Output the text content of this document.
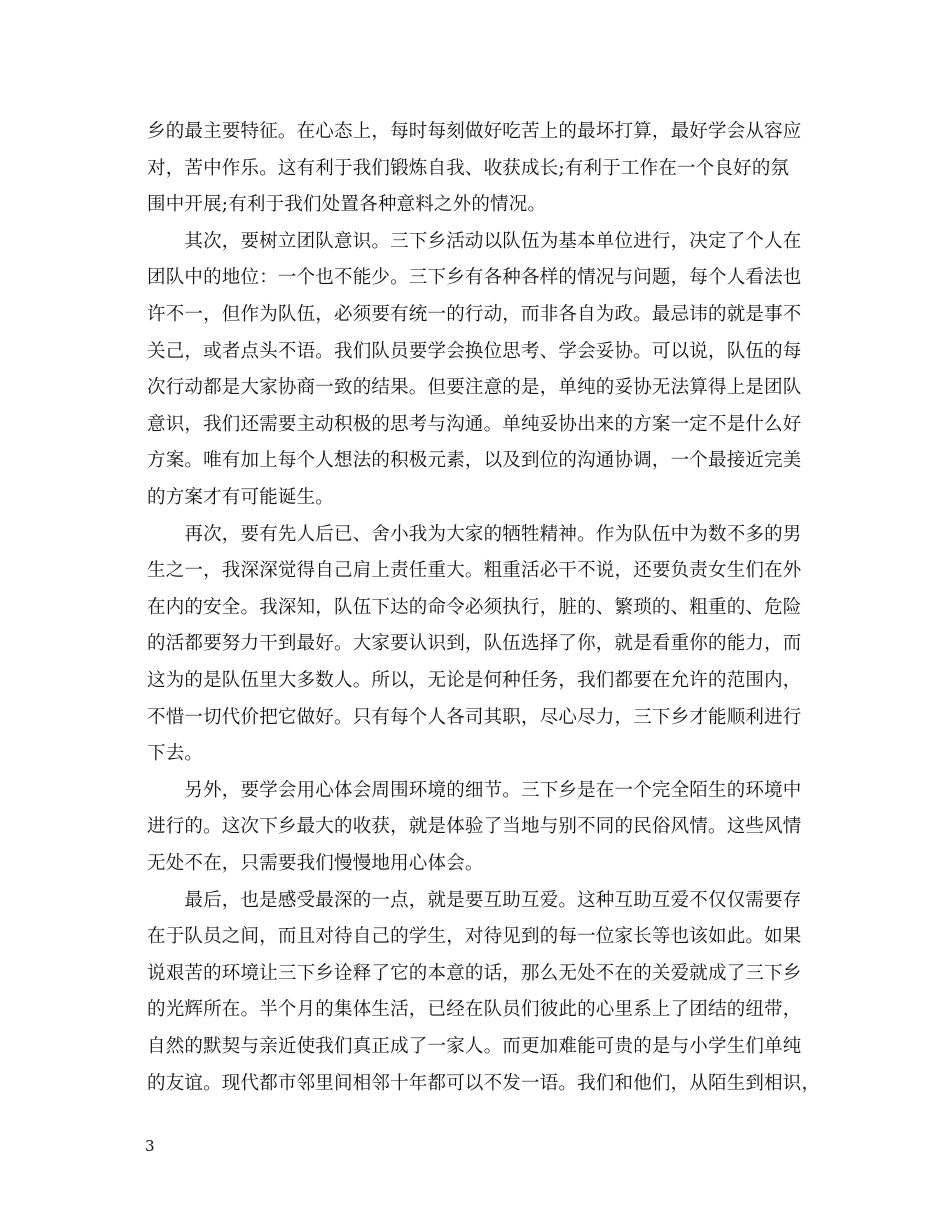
乡的最主要特征。在心态上，每时每刻做好吃苦上的最坏打算，最好学会从容应
对，苦中作乐。这有利于我们锻炼自我、收获成长;有利于工作在一个良好的氛
围中开展;有利于我们处置各种意料之外的情况。
　　其次，要树立团队意识。三下乡活动以队伍为基本单位进行，决定了个人在
团队中的地位：一个也不能少。三下乡有各种各样的情况与问题，每个人看法也
许不一，但作为队伍，必须要有统一的行动，而非各自为政。最忌讳的就是事不
关己，或者点头不语。我们队员要学会换位思考、学会妥协。可以说，队伍的每
次行动都是大家协商一致的结果。但要注意的是，单纯的妥协无法算得上是团队
意识，我们还需要主动积极的思考与沟通。单纯妥协出来的方案一定不是什么好
方案。唯有加上每个人想法的积极元素，以及到位的沟通协调，一个最接近完美
的方案才有可能诞生。
　　再次，要有先人后已、舍小我为大家的牺牲精神。作为队伍中为数不多的男
生之一，我深深觉得自己肩上责任重大。粗重活必干不说，还要负责女生们在外
在内的安全。我深知，队伍下达的命令必须执行，脏的、繁琐的、粗重的、危险
的活都要努力干到最好。大家要认识到，队伍选择了你，就是看重你的能力，而
这为的是队伍里大多数人。所以，无论是何种任务，我们都要在允许的范围内，
不惜一切代价把它做好。只有每个人各司其职，尽心尽力，三下乡才能顺利进行
下去。
　　另外，要学会用心体会周围环境的细节。三下乡是在一个完全陌生的环境中
进行的。这次下乡最大的收获，就是体验了当地与别不同的民俗风情。这些风情
无处不在，只需要我们慢慢地用心体会。
　　最后，也是感受最深的一点，就是要互助互爱。这种互助互爱不仅仅需要存
在于队员之间，而且对待自己的学生，对待见到的每一位家长等也该如此。如果
说艰苦的环境让三下乡诠释了它的本意的话，那么无处不在的关爱就成了三下乡
的光辉所在。半个月的集体生活，已经在队员们彼此的心里系上了团结的纽带，
自然的默契与亲近使我们真正成了一家人。而更加难能可贵的是与小学生们单纯
的友谊。现代都市邻里间相邻十年都可以不发一语。我们和他们，从陌生到相识，
3
